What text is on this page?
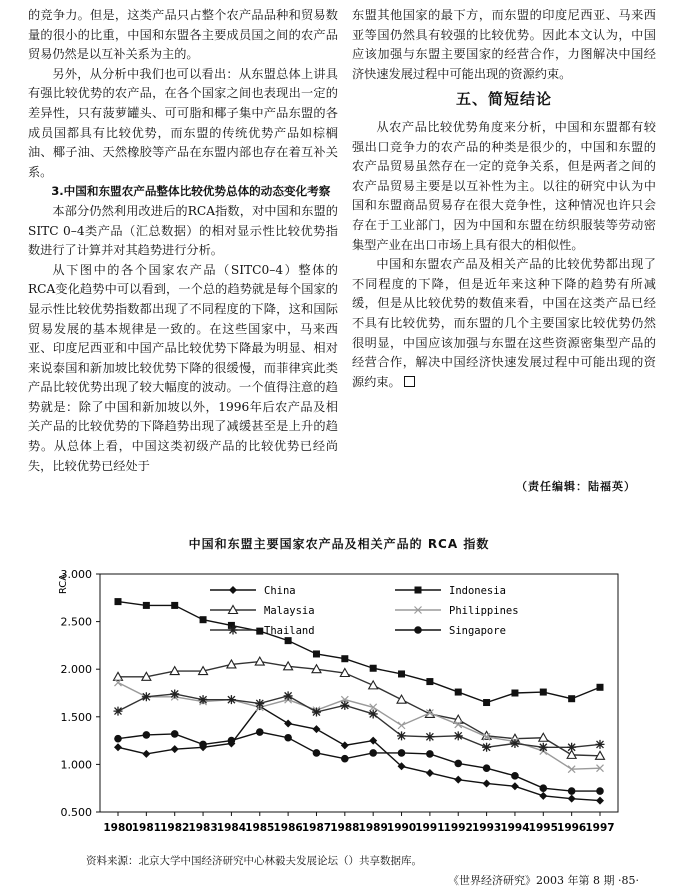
的竞争力。但是，这类产品只占整个农产品品种和贸易数量的很小的比重，中国和东盟各主要成员国之间的农产品贸易仍然是以互补关系为主的。

另外，从分析中我们也可以看出：从东盟总体上讲具有强比较优势的农产品，在各个国家之间也表现出一定的差异性，只有菠萝罐头、可可脂和椰子集中产品东盟的各成员国都具有比较优势，而东盟的传统优势产品如棕榈油、椰子油、天然橡胶等产品在东盟内部也存在着互补关系。

3.中国和东盟农产品整体比较优势总体的动态变化考察

本部分仍然利用改进后的RCA指数，对中国和东盟的SITC 0–4类产品（汇总数据）的相对显示性比较优势指数进行了计算并对其趋势进行分析。

从下图中的各个国家农产品（SITC0–4）整体的RCA变化趋势中可以看到，一个总的趋势就是每个国家的显示性比较优势指数都出现了不同程度的下降，这和国际贸易发展的基本规律是一致的。在这些国家中，马来西亚、印度尼西亚和中国产品比较优势下降最为明显、相对来说泰国和新加坡比较优势下降的很缓慢，而菲律宾此类产品比较优势出现了较大幅度的波动。一个值得注意的趋势就是：除了中国和新加坡以外，1996年后农产品及相关产品的比较优势的下降趋势出现了减缓甚至是上升的趋势。从总体上看，中国这类初级产品的比较优势已经尚失，比较优势已经处于

东盟其他国家的最下方，而东盟的印度尼西亚、马来西亚等国仍然具有较强的比较优势。因此本文认为，中国应该加强与东盟主要国家的经营合作，力图解决中国经济快速发展过程中可能出现的资源约束。

五、简短结论

从农产品比较优势角度来分析，中国和东盟都有较强出口竞争力的农产品的种类是很少的，中国和东盟的农产品贸易虽然存在一定的竞争关系，但是两者之间的农产品贸易主要是以互补性为主。以往的研究中认为中国和东盟商品贸易存在很大竞争性，这种情况也许只会存在于工业部门，因为中国和东盟在纺织服装等劳动密集型产业在出口市场上具有很大的相似性。

中国和东盟农产品及相关产品的比较优势都出现了不同程度的下降，但是近年来这种下降的趋势有所减缓，但是从比较优势的数值来看，中国在这类产品已经不具有比较优势，而东盟的几个主要国家比较优势仍然很明显，中国应该加强与东盟在这些资源密集型产品的经营合作，解决中国经济快速发展过程中可能出现的资源约束。

（责任编辑：陆福英）
中国和东盟主要国家农产品及相关产品的 RCA 指数
0.500
1.000
1.500
2.000
2.500
3.000
1980 1981 1982 1983 1984 1985 1986 1987 1988 1989 1990 1991 1992 1993 1994 1995 1996 1997
RCA	China	Indonesia
Malaysia	Philippines
Thailand	Singapore
资料来源：北京大学中国经济研究中心林毅夫发展论坛（）共享数据库。
《世界经济研究》2003 年第 8 期 ·85·
